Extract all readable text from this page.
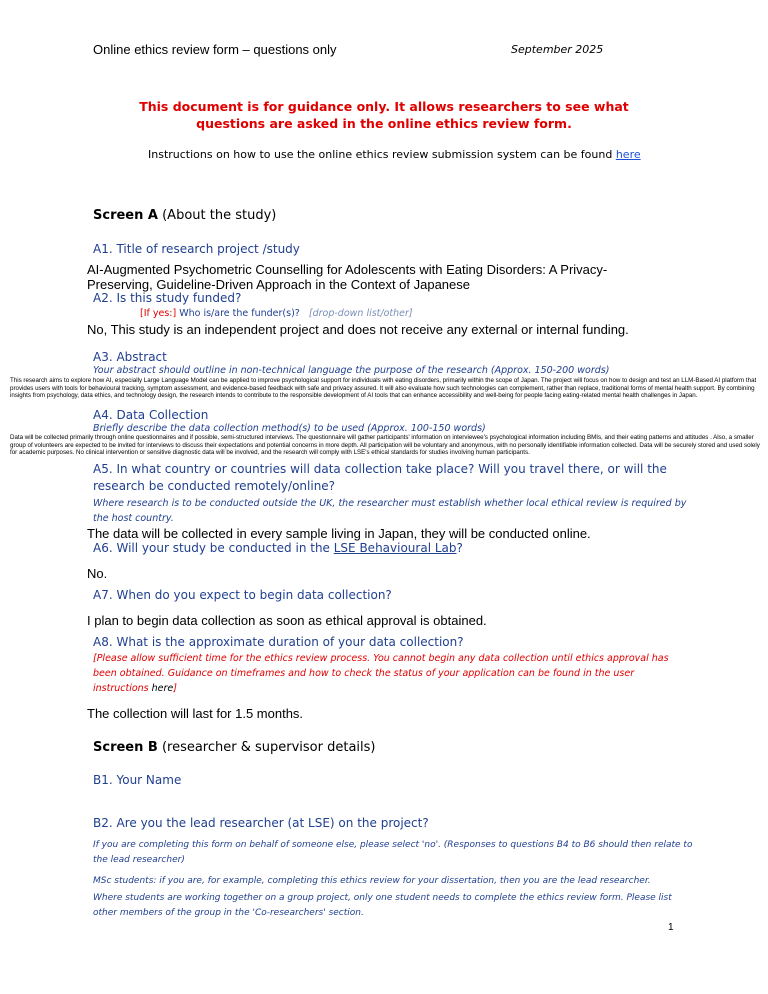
Online ethics review form – questions only	September 2025
This document is for guidance only. It allows researchers to see what
questions are asked in the online ethics review form.
Instructions on how to use the online ethics review submission system can be found here
Screen A (About the study)
A1. Title of research project /study
AI-Augmented Psychometric Counselling for Adolescents with Eating Disorders: A Privacy-Preserving, Guideline-Driven Approach in the Context of Japanese
A2. Is this study funded?
[If yes:] Who is/are the funder(s)? [drop-down list/other]
No, This study is an independent project and does not receive any external or internal funding.
A3. Abstract
Your abstract should outline in non-technical language the purpose of the research (Approx. 150-200 words)
This research aims to explore how AI, especially Large Language Model can be applied to improve psychological support for individuals with eating disorders, primarily within the scope of Japan. The project will focus on how to design and test an LLM-Based AI platform that provides users with tools for behavioural tracking, symptom assessment, and evidence-based feedback with safe and privacy assured. It will also evaluate how such technologies can complement, rather than replace, traditional forms of mental health support. By combining insights from psychology, data ethics, and technology design, the research intends to contribute to the responsible development of AI tools that can enhance accessibility and well-being for people facing eating-related mental health challenges in Japan.
A4. Data Collection
Briefly describe the data collection method(s) to be used (Approx. 100-150 words)
Data will be collected primarily through online questionnaires and if possible, semi-structured interviews. The questionnaire will gather participants' information on interviewee's psychological information including BMIs, and their eating patterns and attitudes . Also, a smaller group of volunteers are expected to be invited for interviews to discuss their expectations and potential concerns in more depth. All participation will be voluntary and anonymous, with no personally identifiable information collected. Data will be securely stored and used solely for academic purposes. No clinical intervention or sensitive diagnostic data will be involved, and the research will comply with LSE's ethical standards for studies involving human participants.
A5. In what country or countries will data collection take place? Will you travel there, or will the
research be conducted remotely/online?
Where research is to be conducted outside the UK, the researcher must establish whether local ethical review is required by the host country.
The data will be collected in every sample living in Japan, they will be conducted online.
A6. Will your study be conducted in the LSE Behavioural Lab?
No.
A7. When do you expect to begin data collection?
I plan to begin data collection as soon as ethical approval is obtained.
A8. What is the approximate duration of your data collection?
[Please allow sufficient time for the ethics review process. You cannot begin any data collection until ethics approval has been obtained. Guidance on timeframes and how to check the status of your application can be found in the user instructions here]
The collection will last for 1.5 months.
Screen B (researcher & supervisor details)
B1. Your Name
B2. Are you the lead researcher (at LSE) on the project?
If you are completing this form on behalf of someone else, please select 'no'. (Responses to questions B4 to B6 should then relate to the lead researcher)
MSc students: if you are, for example, completing this ethics review for your dissertation, then you are the lead researcher.
Where students are working together on a group project, only one student needs to complete the ethics review form. Please list other members of the group in the 'Co-researchers' section.
1
